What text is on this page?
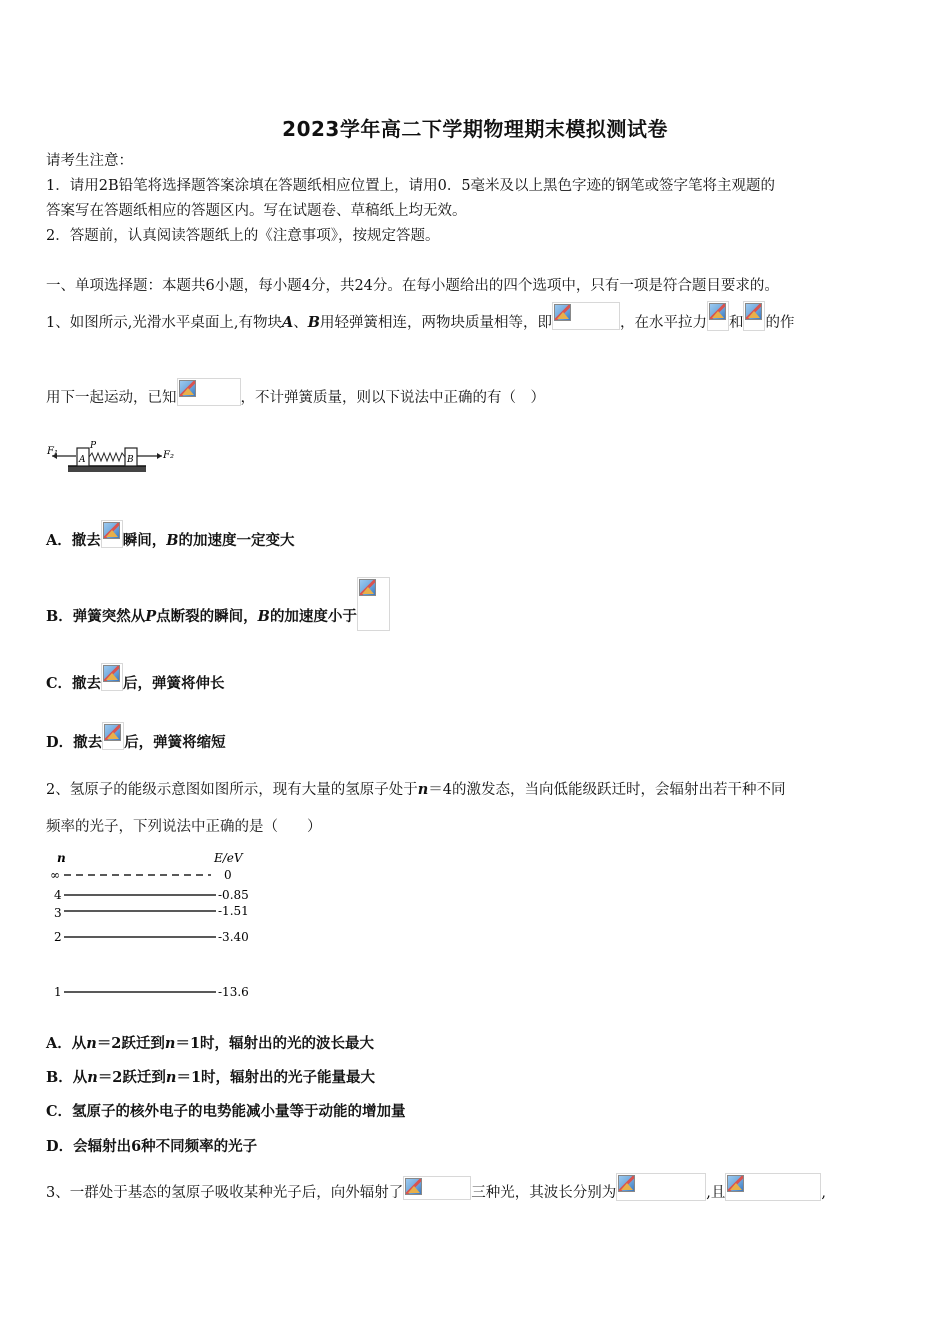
2023学年高二下学期物理期末模拟测试卷
请考生注意：
1．请用2B铅笔将选择题答案涂填在答题纸相应位置上，请用0．5毫米及以上黑色字迹的钢笔或签字笔将主观题的
答案写在答题纸相应的答题区内。写在试题卷、草稿纸上均无效。
2．答题前，认真阅读答题纸上的《注意事项》，按规定答题。
一、单项选择题：本题共6小题，每小题4分，共24分。在每小题给出的四个选项中，只有一项是符合题目要求的。
1、如图所示,光滑水平桌面上,有物块A、B用轻弹簧相连，两物块质量相等，即	，在水平拉力 和 的作
用下一起运动，已知	，不计弹簧质量，则以下说法中正确的有（　）
F₁
A
P
B	F₂
A．撤去 瞬间，B的加速度一定变大
B．弹簧突然从P点断裂的瞬间，B的加速度小于
C．撤去 后，弹簧将伸长
D．撤去 后，弹簧将缩短
2、氢原子的能级示意图如图所示，现有大量的氢原子处于n＝4的激发态，当向低能级跃迁时，会辐射出若干种不同
频率的光子，下列说法中正确的是（　　）
n	E/eV
∞	0
4	-0.85
3	-1.51
2	-3.40
1	-13.6
A．从n＝2跃迁到n＝1时，辐射出的光的波长最大
B．从n＝2跃迁到n＝1时，辐射出的光子能量最大
C．氢原子的核外电子的电势能减小量等于动能的增加量
D．会辐射出6种不同频率的光子
3、一群处于基态的氢原子吸收某种光子后，向外辐射了	三种光，其波长分别为	,且	,
